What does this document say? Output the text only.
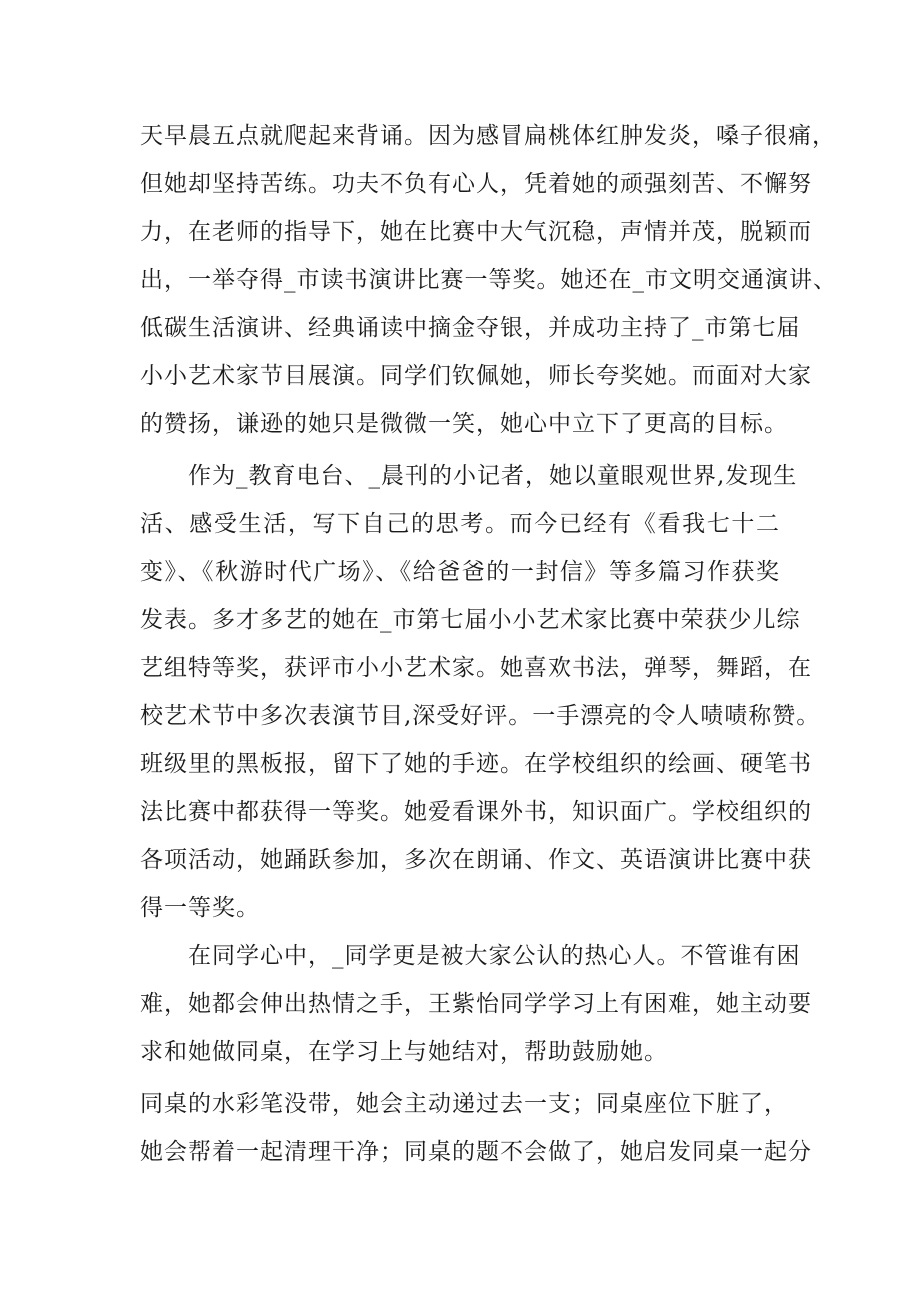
天早晨五点就爬起来背诵。因为感冒扁桃体红肿发炎，嗓子很痛，
但她却坚持苦练。功夫不负有心人，凭着她的顽强刻苦、不懈努
力，在老师的指导下，她在比赛中大气沉稳，声情并茂，脱颖而
出，一举夺得_市读书演讲比赛一等奖。她还在_市文明交通演讲、
低碳生活演讲、经典诵读中摘金夺银，并成功主持了_市第七届
小小艺术家节目展演。同学们钦佩她，师长夸奖她。而面对大家
的赞扬，谦逊的她只是微微一笑，她心中立下了更高的目标。
作为_教育电台、_晨刊的小记者，她以童眼观世界,发现生
活、感受生活，写下自己的思考。而今已经有《看我七十二
变》、《秋游时代广场》、《给爸爸的一封信》等多篇习作获奖
发表。多才多艺的她在_市第七届小小艺术家比赛中荣获少儿综
艺组特等奖，获评市小小艺术家。她喜欢书法，弹琴，舞蹈，在
校艺术节中多次表演节目,深受好评。一手漂亮的令人啧啧称赞。
班级里的黑板报，留下了她的手迹。在学校组织的绘画、硬笔书
法比赛中都获得一等奖。她爱看课外书，知识面广。学校组织的
各项活动，她踊跃参加，多次在朗诵、作文、英语演讲比赛中获
得一等奖。
在同学心中，_同学更是被大家公认的热心人。不管谁有困
难，她都会伸出热情之手，王紫怡同学学习上有困难，她主动要
求和她做同桌，在学习上与她结对，帮助鼓励她。
同桌的水彩笔没带，她会主动递过去一支；同桌座位下脏了，
她会帮着一起清理干净；同桌的题不会做了，她启发同桌一起分
